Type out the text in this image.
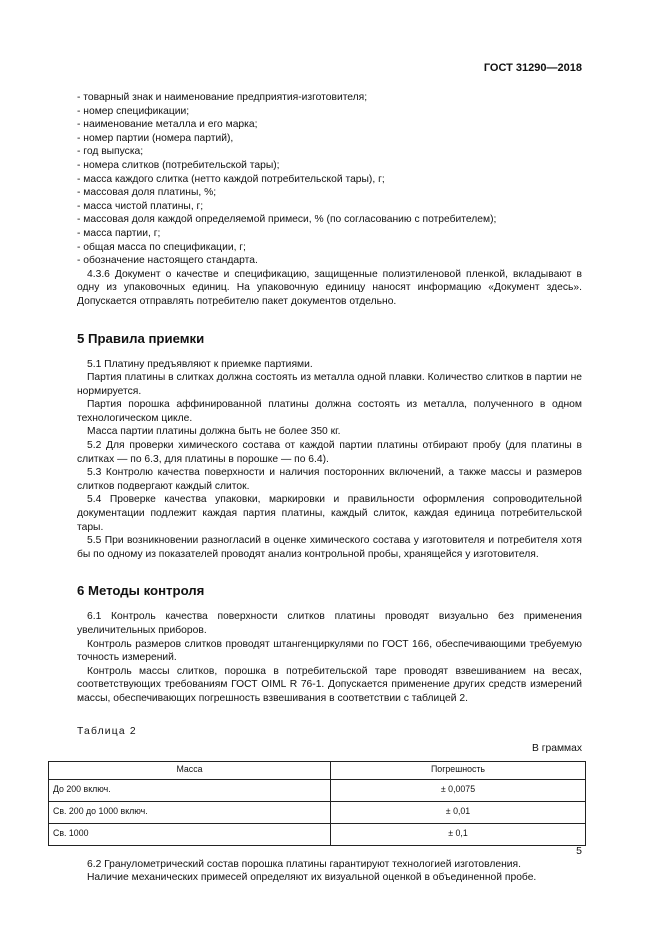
ГОСТ 31290—2018

- товарный знак и наименование предприятия-изготовителя;

- номер спецификации;

- наименование металла и его марка;

- номер партии (номера партий),

- год выпуска;

- номера слитков (потребительской тары);

- масса каждого слитка (нетто каждой потребительской тары), г;

- массовая доля платины, %;

- масса чистой платины, г;

- массовая доля каждой определяемой примеси, % (по согласованию с потребителем);

- масса партии, г;

- общая масса по спецификации, г;

- обозначение настоящего стандарта.

4.3.6 Документ о качестве и спецификацию, защищенные полиэтиленовой пленкой, вкладывают в одну из упаковочных единиц. На упаковочную единицу наносят информацию «Документ здесь». Допускается отправлять потребителю пакет документов отдельно.

5 Правила приемки

5.1 Платину предъявляют к приемке партиями.

Партия платины в слитках должна состоять из металла одной плавки. Количество слитков в партии не нормируется.

Партия порошка аффинированной платины должна состоять из металла, полученного в одном технологическом цикле.

Масса партии платины должна быть не более 350 кг.

5.2 Для проверки химического состава от каждой партии платины отбирают пробу (для платины в слитках — по 6.3, для платины в порошке — по 6.4).

5.3 Контролю качества поверхности и наличия посторонних включений, а также массы и размеров слитков подвергают каждый слиток.

5.4 Проверке качества упаковки, маркировки и правильности оформления сопроводительной документации подлежит каждая партия платины, каждый слиток, каждая единица потребительской тары.

5.5 При возникновении разногласий в оценке химического состава у изготовителя и потребителя хотя бы по одному из показателей проводят анализ контрольной пробы, хранящейся у изготовителя.

6 Методы контроля

6.1 Контроль качества поверхности слитков платины проводят визуально без применения увеличительных приборов.

Контроль размеров слитков проводят штангенциркулями по ГОСТ 166, обеспечивающими требуемую точность измерений.

Контроль массы слитков, порошка в потребительской таре проводят взвешиванием на весах, соответствующих требованиям ГОСТ OIML R 76-1. Допускается применение других средств измерений массы, обеспечивающих погрешность взвешивания в соответствии с таблицей 2.

Таблица 2

В граммах

Масса	Погрешность
До 200 включ.	± 0,0075
Св. 200 до 1000 включ.	± 0,01
Св. 1000	± 0,1

6.2 Гранулометрический состав порошка платины гарантируют технологией изготовления.

Наличие механических примесей определяют их визуальной оценкой в объединенной пробе.

5
